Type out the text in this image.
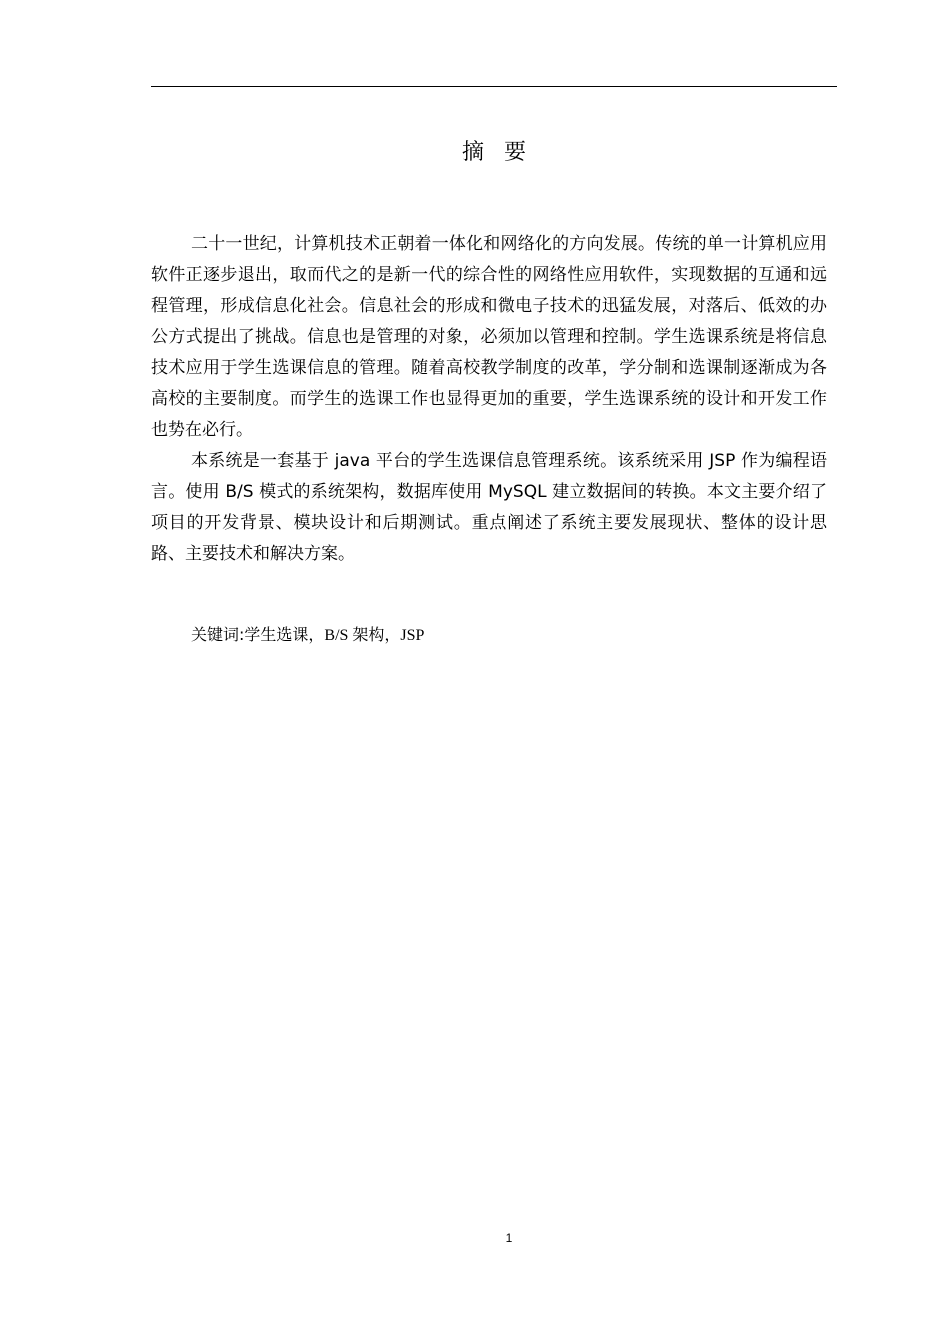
摘要

二十一世纪，计算机技术正朝着一体化和网络化的方向发展。传统的单一计算机应用软件正逐步退出，取而代之的是新一代的综合性的网络性应用软件，实现数据的互通和远程管理，形成信息化社会。信息社会的形成和微电子技术的迅猛发展，对落后、低效的办公方式提出了挑战。信息也是管理的对象，必须加以管理和控制。学生选课系统是将信息技术应用于学生选课信息的管理。随着高校教学制度的改革，学分制和选课制逐渐成为各高校的主要制度。而学生的选课工作也显得更加的重要，学生选课系统的设计和开发工作也势在必行。

本系统是一套基于 java 平台的学生选课信息管理系统。该系统采用 JSP 作为编程语言。使用 B/S 模式的系统架构，数据库使用 MySQL 建立数据间的转换。本文主要介绍了项目的开发背景、模块设计和后期测试。重点阐述了系统主要发展现状、整体的设计思路、主要技术和解决方案。

关键词:学生选课，B/S 架构，JSP
1
